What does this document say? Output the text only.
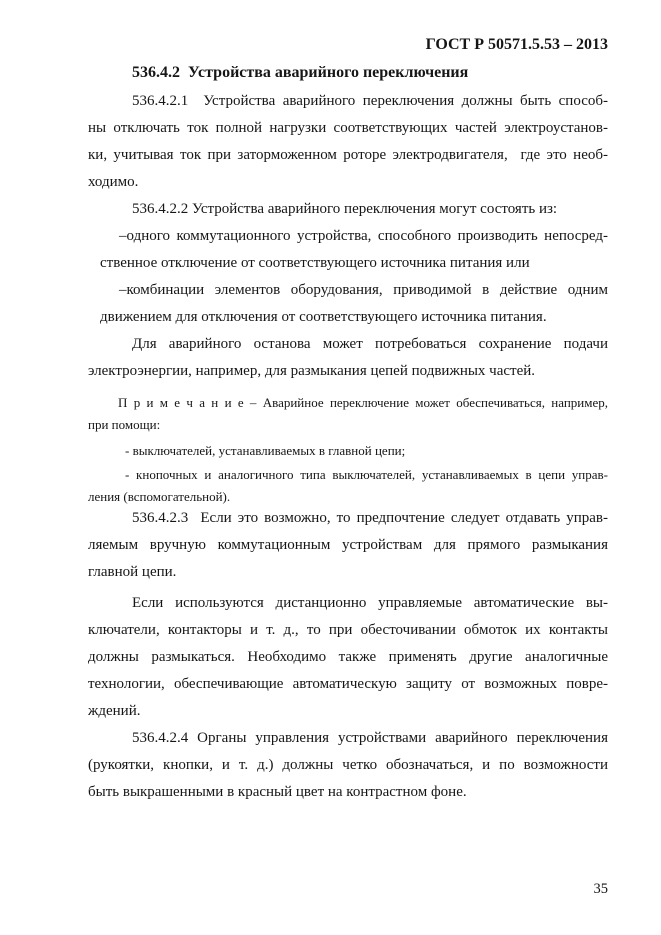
ГОСТ Р 50571.5.53 – 2013
536.4.2  Устройства аварийного переключения
536.4.2.1  Устройства аварийного переключения должны быть способ-
ны отключать ток полной нагрузки соответствующих частей электроустанов-
ки, учитывая ток при заторможенном роторе электродвигателя,  где это необ-
ходимо.
536.4.2.2 Устройства аварийного переключения могут состоять из:
–одного коммутационного устройства, способного производить непосред-
ственное отключение от соответствующего источника питания или
–комбинации элементов оборудования, приводимой в действие одним
движением для отключения от соответствующего источника питания.
Для аварийного останова может потребоваться сохранение подачи
электроэнергии, например, для размыкания цепей подвижных частей.
П р и м е ч а н и е – Аварийное переключение может обеспечиваться, например,
при помощи:
- выключателей, устанавливаемых в главной цепи;
- кнопочных и аналогичного типа выключателей, устанавливаемых в цепи управ-
ления (вспомогательной).
536.4.2.3  Если это возможно, то предпочтение следует отдавать управ-
ляемым вручную коммутационным устройствам для прямого размыкания
главной цепи.
Если используются дистанционно управляемые автоматические вы-
ключатели, контакторы и т. д., то при обесточивании обмоток их контакты
должны размыкаться. Необходимо также применять другие аналогичные
технологии, обеспечивающие автоматическую защиту от возможных повре-
ждений.
536.4.2.4 Органы управления устройствами аварийного переключения
(рукоятки, кнопки, и т. д.) должны четко обозначаться, и по возможности
быть выкрашенными в красный цвет на контрастном фоне.
35
